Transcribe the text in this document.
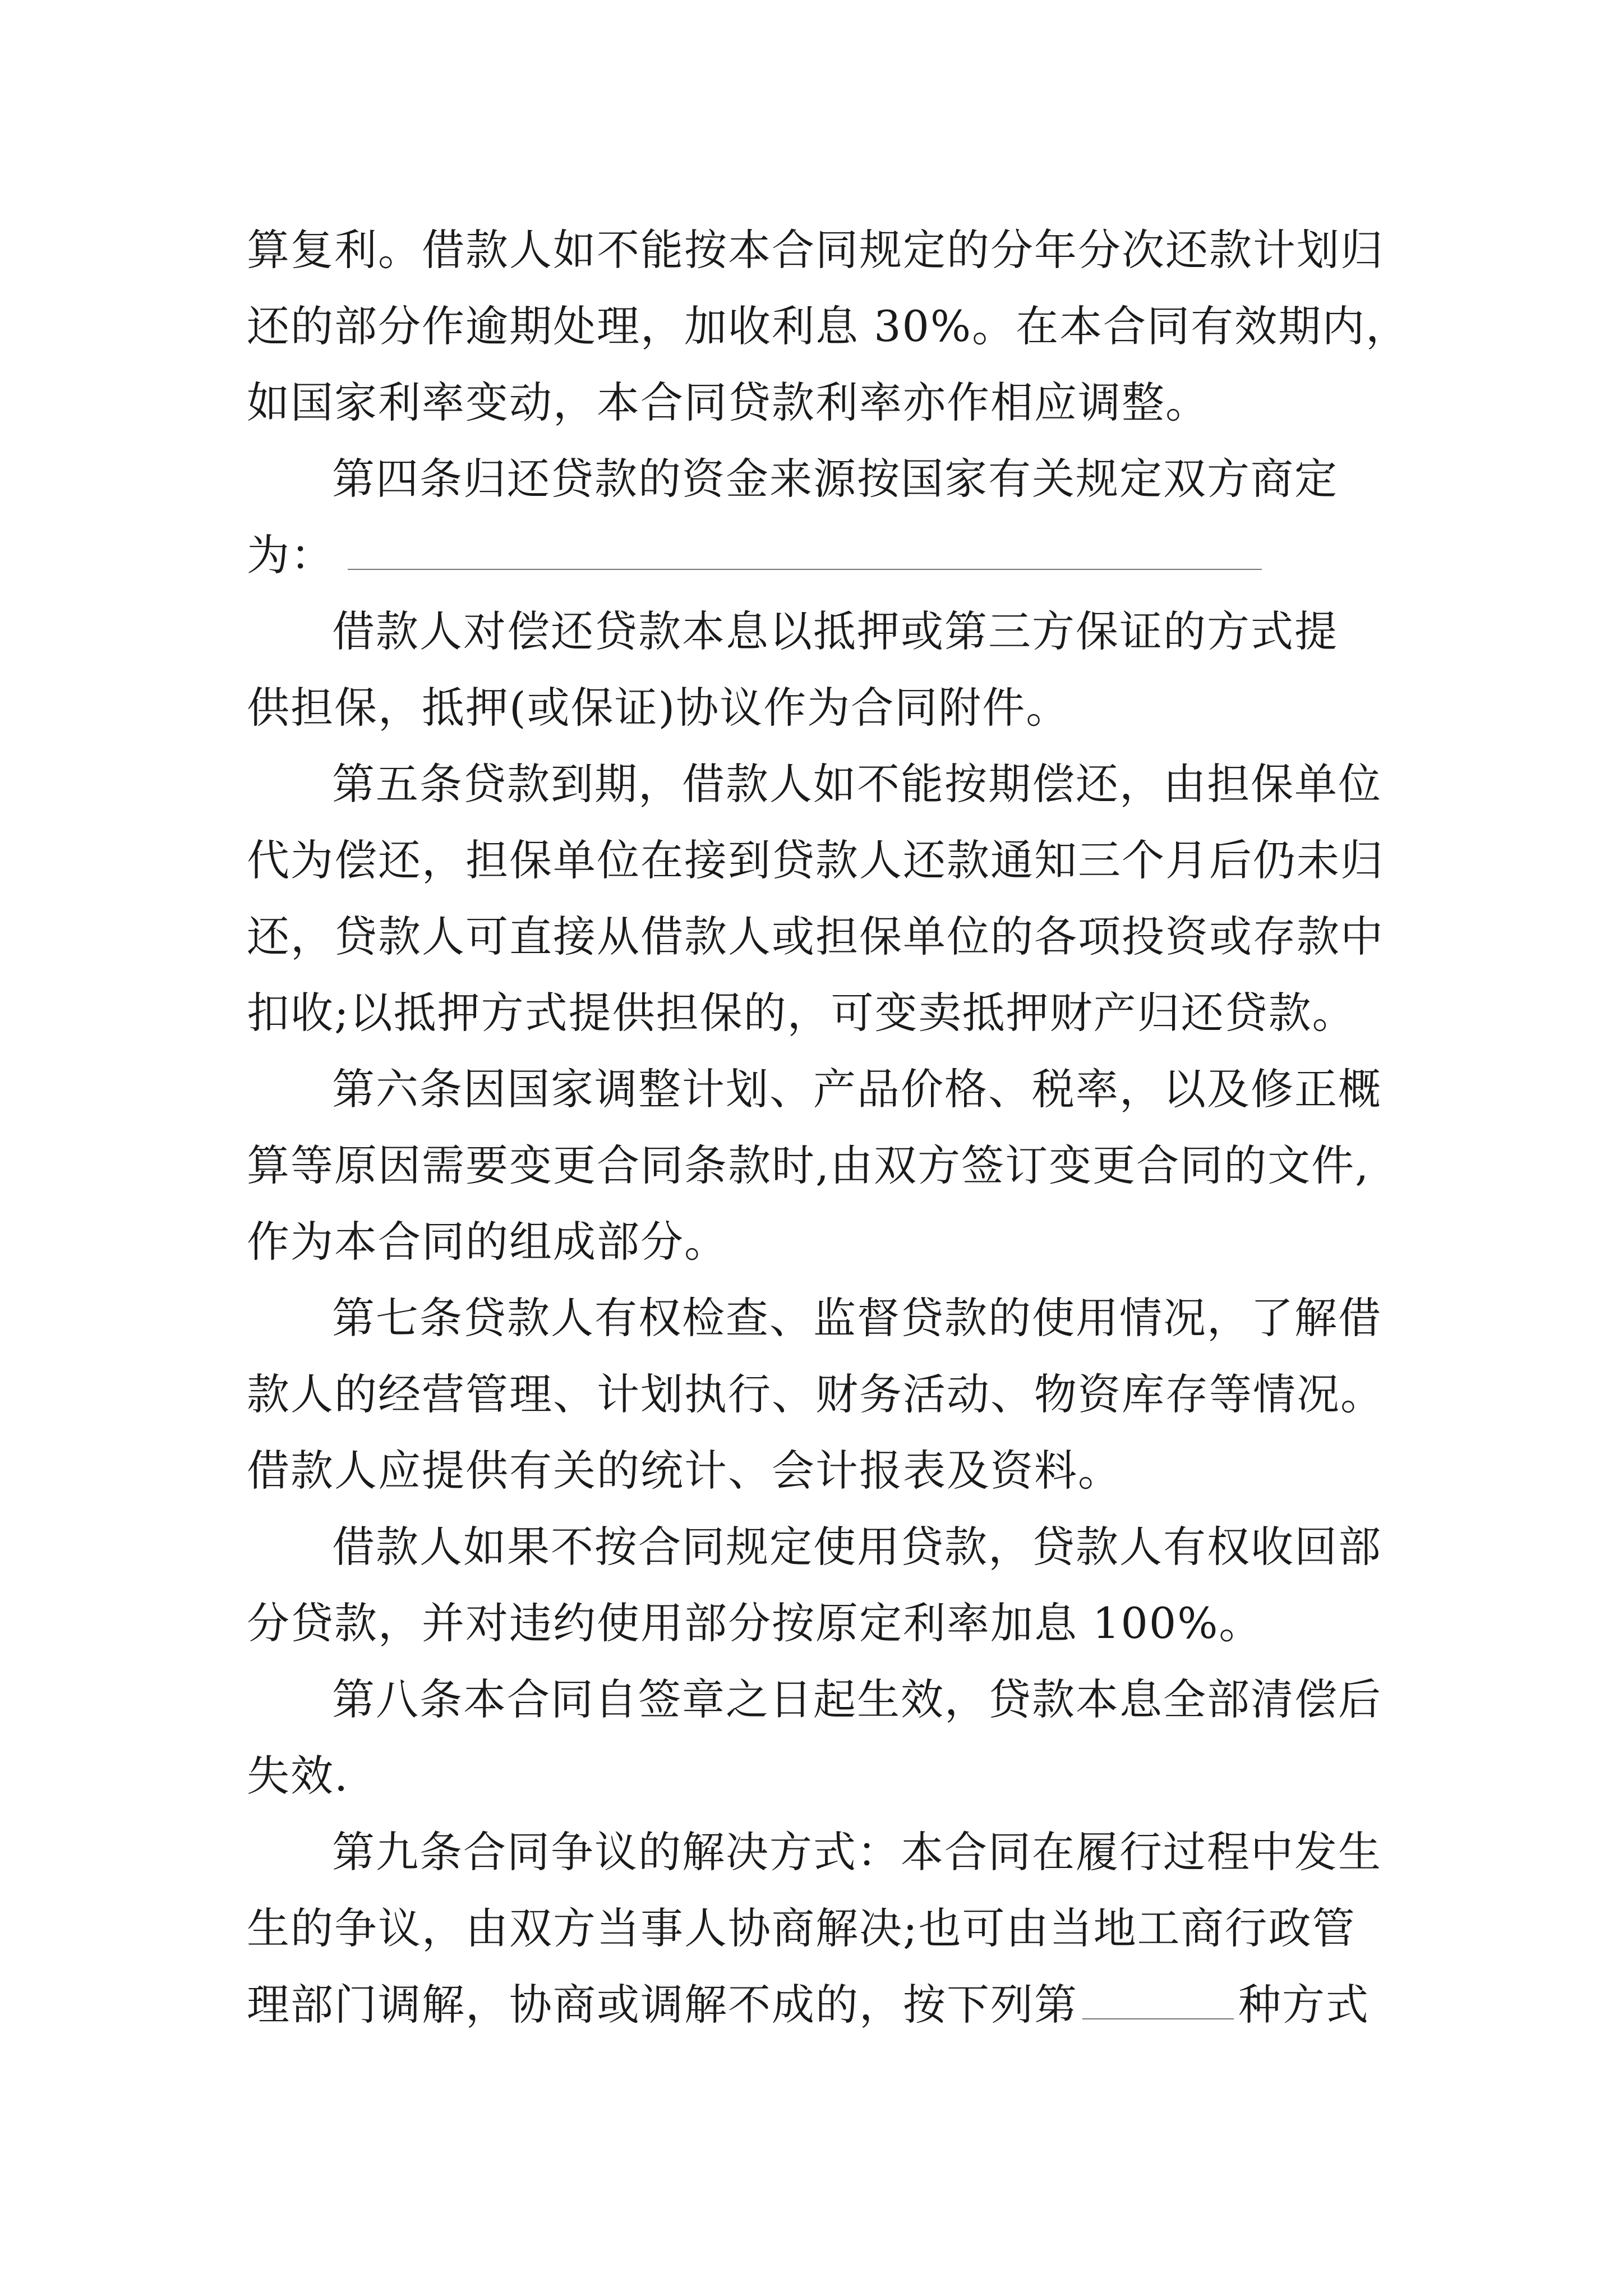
算复利。借款人如不能按本合同规定的分年分次还款计划归
还的部分作逾期处理，加收利息 30%。在本合同有效期内，
如国家利率变动，本合同贷款利率亦作相应调整。
第四条归还贷款的资金来源按国家有关规定双方商定
为：
借款人对偿还贷款本息以抵押或第三方保证的方式提
供担保，抵押(或保证)协议作为合同附件。
第五条贷款到期，借款人如不能按期偿还，由担保单位
代为偿还，担保单位在接到贷款人还款通知三个月后仍未归
还，贷款人可直接从借款人或担保单位的各项投资或存款中
扣收;以抵押方式提供担保的，可变卖抵押财产归还贷款。
第六条因国家调整计划、产品价格、税率，以及修正概
算等原因需要变更合同条款时,由双方签订变更合同的文件,
作为本合同的组成部分。
第七条贷款人有权检查、监督贷款的使用情况，了解借
款人的经营管理、计划执行、财务活动、物资库存等情况。
借款人应提供有关的统计、会计报表及资料。
借款人如果不按合同规定使用贷款，贷款人有权收回部
分贷款，并对违约使用部分按原定利率加息 100%。
第八条本合同自签章之日起生效，贷款本息全部清偿后
失效.
第九条合同争议的解决方式：本合同在履行过程中发生
生的争议，由双方当事人协商解决;也可由当地工商行政管
理部门调解，协商或调解不成的，按下列第	种方式
